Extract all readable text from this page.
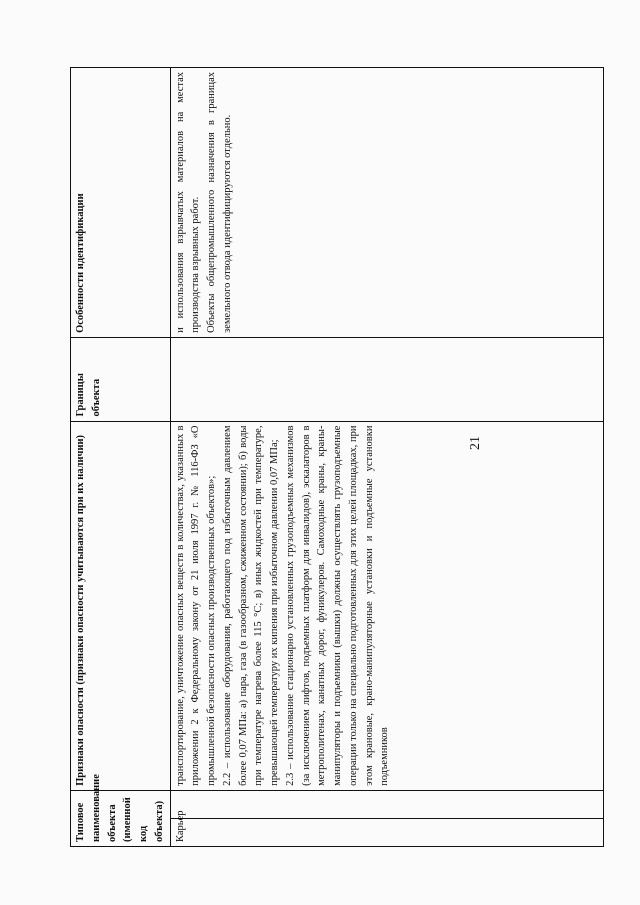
21
Типовое наименование объекта (именной код объекта)		Признаки опасности (признаки опасности учитываются при их наличии)	Границы объекта	Особенности идентификации
Карьер		транспортирование, уничтожение опасных веществ в количествах, указанных в приложении 2 к Федеральному закону от 21 июля 1997 г. № 116-ФЗ «О промышленной безопасности опасных производственных объектов»;
2.2 – использование оборудования, работающего под избыточным давлением более 0,07 МПа: а) пара, газа (в газообразном, сжиженном состоянии); б) воды при температуре нагрева более 115 °С; в) иных жидкостей при температуре, превышающей температуру их кипения при избыточном давлении 0,07 МПа;
2.3 – использование стационарно установленных грузоподъемных механизмов (за исключением лифтов, подъемных платформ для инвалидов), эскалаторов в метрополитенах, канатных дорог, фуникулеров. Самоходные краны, краны-манипуляторы и подъемники (вышки) должны осуществлять грузоподъемные операции только на специально подготовленных для этих целей площадках, при этом крановые, крано-манипуляторные установки и подъемные установки подъемников		и использования взрывчатых материалов на местах производства взрывных работ.
Объекты общепромышленного назначения в границах земельного отвода идентифицируются отдельно.
